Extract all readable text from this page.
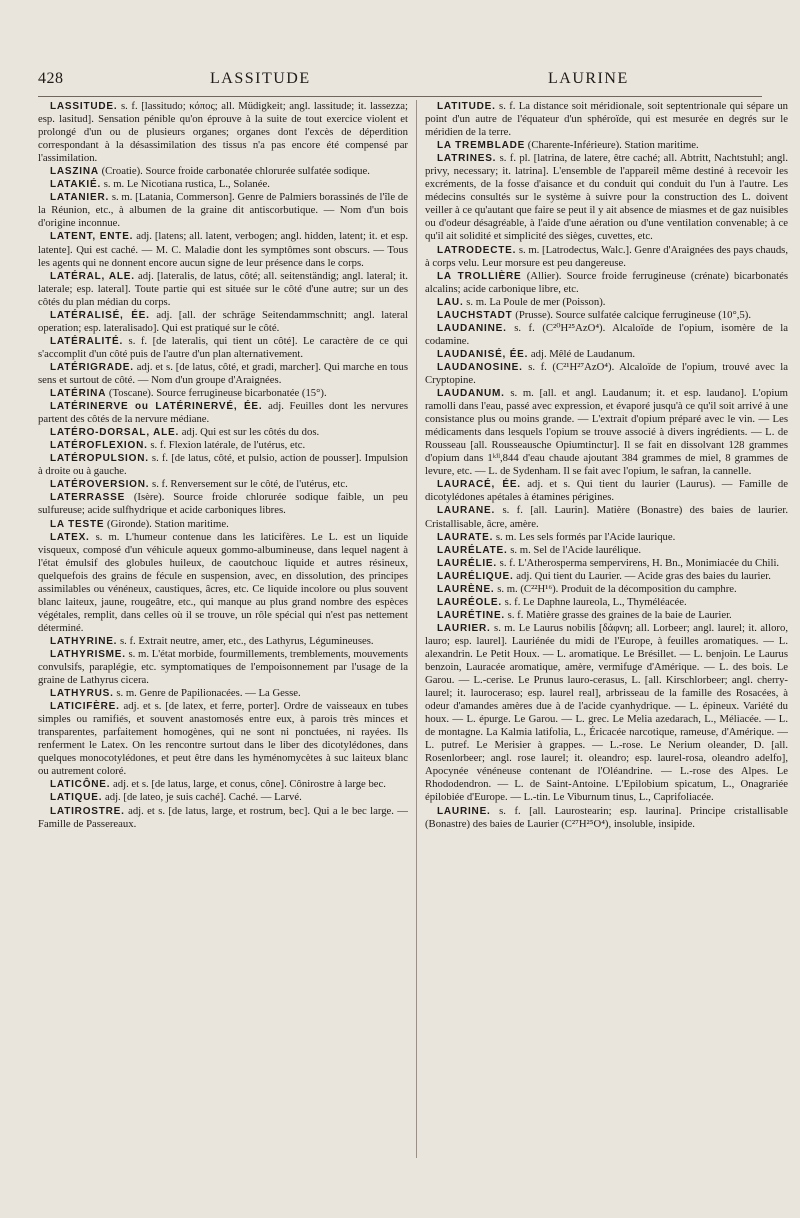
428	LASSITUDE	LAURINE

LASSITUDE. s. f. [lassitudo; κόπος; all. Müdigkeit; angl. lassitude; it. lassezza; esp. lasitud]. Sensation pénible qu'on éprouve à la suite de tout exercice violent et prolongé d'un ou de plusieurs organes; organes dont l'excès de déperdition correspondant à la désassimilation des tissus n'a pas encore été compensé par l'assimilation.

LASZINA (Croatie). Source froide carbonatée chlorurée sulfatée sodique.

LATAKIÉ. s. m. Le Nicotiana rustica, L., Solanée.

LATANIER. s. m. [Latania, Commerson]. Genre de Palmiers borassinés de l'île de la Réunion, etc., à albumen de la graine dit antiscorbutique. — Nom d'un bois d'origine inconnue.

LATENT, ENTE. adj. [latens; all. latent, verbogen; angl. hidden, latent; it. et esp. latente]. Qui est caché. — M. C. Maladie dont les symptômes sont obscurs. — Tous les agents qui ne donnent encore aucun signe de leur présence dans le corps.

LATÉRAL, ALE. adj. [lateralis, de latus, côté; all. seitenständig; angl. lateral; it. laterale; esp. lateral]. Toute partie qui est située sur le côté d'une autre; sur un des côtés du plan médian du corps.

LATÉRALISÉ, ÉE. adj. [all. der schräge Seitendammschnitt; angl. lateral operation; esp. lateralisado]. Qui est pratiqué sur le côté.

LATÉRALITÉ. s. f. [de lateralis, qui tient un côté]. Le caractère de ce qui s'accomplit d'un côté puis de l'autre d'un plan alternativement.

LATÉRIGRADE. adj. et s. [de latus, côté, et gradi, marcher]. Qui marche en tous sens et surtout de côté. — Nom d'un groupe d'Araignées.

LATÉRINA (Toscane). Source ferrugineuse bicarbonatée (15°).

LATÉRINERVE ou LATÉRINERVÉ, ÉE. adj. Feuilles dont les nervures partent des côtés de la nervure médiane.

LATÉRO-DORSAL, ALE. adj. Qui est sur les côtés du dos.

LATÉROFLEXION. s. f. Flexion latérale, de l'utérus, etc.

LATÉROPULSION. s. f. [de latus, côté, et pulsio, action de pousser]. Impulsion à droite ou à gauche.

LATÉROVERSION. s. f. Renversement sur le côté, de l'utérus, etc.

LATERRASSE (Isère). Source froide chlorurée sodique faible, un peu sulfureuse; acide sulfhydrique et acide carboniques libres.

LA TESTE (Gironde). Station maritime.

LATEX. s. m. L'humeur contenue dans les laticifères. Le L. est un liquide visqueux, composé d'un véhicule aqueux gommo-albumineuse, dans lequel nagent à l'état émulsif des globules huileux, de caoutchouc liquide et autres résineux, quelquefois des grains de fécule en suspension, avec, en dissolution, des principes assimilables ou vénéneux, caustiques, âcres, etc. Ce liquide incolore ou plus souvent blanc laiteux, jaune, rougeâtre, etc., qui manque au plus grand nombre des espèces végétales, remplit, dans celles où il se trouve, un rôle spécial qui n'est pas nettement déterminé.

LATHYRINE. s. f. Extrait neutre, amer, etc., des Lathyrus, Légumineuses.

LATHYRISME. s. m. L'état morbide, fourmillements, tremblements, mouvements convulsifs, paraplégie, etc. symptomatiques de l'empoisonnement par l'usage de la graine de Lathyrus cicera.

LATHYRUS. s. m. Genre de Papilionacées. — La Gesse.

LATICIFÈRE. adj. et s. [de latex, et ferre, porter]. Ordre de vaisseaux en tubes simples ou ramifiés, et souvent anastomosés entre eux, à parois très minces et transparentes, parfaitement homogènes, qui ne sont ni ponctuées, ni rayées. Ils renferment le Latex. On les rencontre surtout dans le liber des dicotylédones, dans quelques monocotylédones, et peut être dans les hyménomycètes à suc laiteux blanc ou autrement coloré.

LATICÔNE. adj. et s. [de latus, large, et conus, cône]. Cônirostre à large bec.

LATIQUE. adj. [de lateo, je suis caché]. Caché. — Larvé.

LATIROSTRE. adj. et s. [de latus, large, et rostrum, bec]. Qui a le bec large. — Famille de Passereaux.

LATITUDE. s. f. La distance soit méridionale, soit septentrionale qui sépare un point d'un autre de l'équateur d'un sphéroïde, qui est mesurée en degrés sur le méridien de la terre.

LA TREMBLADE (Charente-Inférieure). Station maritime.

LATRINES. s. f. pl. [latrina, de latere, être caché; all. Abtritt, Nachtstuhl; angl. privy, necessary; it. latrina]. L'ensemble de l'appareil même destiné à recevoir les excréments, de la fosse d'aisance et du conduit qui conduit du l'un à l'autre. Les médecins consultés sur le système à suivre pour la construction des L. doivent veiller à ce qu'autant que faire se peut il y ait absence de miasmes et de gaz nuisibles ou d'odeur désagréable, à l'aide d'une aération ou d'une ventilation convenable; à ce qu'il ait solidité et simplicité des sièges, cuvettes, etc.

LATRODECTE. s. m. [Latrodectus, Walc.]. Genre d'Araignées des pays chauds, à corps velu. Leur morsure est peu dangereuse.

LA TROLLIÈRE (Allier). Source froide ferrugineuse (crénate) bicarbonatés alcalins; acide carbonique libre, etc.

LAU. s. m. La Poule de mer (Poisson).

LAUCHSTADT (Prusse). Source sulfatée calcique ferrugineuse (10°,5).

LAUDANINE. s. f. (C²⁰H²⁵AzO⁴). Alcaloïde de l'opium, isomère de la codamine.

LAUDANISÉ, ÉE. adj. Mêlé de Laudanum.

LAUDANOSINE. s. f. (C²¹H²⁷AzO⁴). Alcaloïde de l'opium, trouvé avec la Cryptopine.

LAUDANUM. s. m. [all. et angl. Laudanum; it. et esp. laudano]. L'opium ramolli dans l'eau, passé avec expression, et évaporé jusqu'à ce qu'il soit arrivé à une consistance plus ou moins grande. — L'extrait d'opium préparé avec le vin. — Les médicaments dans lesquels l'opium se trouve associé à divers ingrédients. — L. de Rousseau [all. Rousseausche Opiumtinctur]. Il se fait en dissolvant 128 grammes d'opium dans 1ᵏⁱˡ,844 d'eau chaude ajoutant 384 grammes de miel, 8 grammes de levure, etc. — L. de Sydenham. Il se fait avec l'opium, le safran, la cannelle.

LAURACÉ, ÉE. adj. et s. Qui tient du laurier (Laurus). — Famille de dicotylédones apétales à étamines périgines.

LAURANE. s. f. [all. Laurin]. Matière (Bonastre) des baies de laurier. Cristallisable, âcre, amère.

LAURATE. s. m. Les sels formés par l'Acide laurique.

LAURÉLATE. s. m. Sel de l'Acide laurélique.

LAURÉLIE. s. f. L'Atherosperma sempervirens, H. Bn., Monimiacée du Chili.

LAURÉLIQUE. adj. Qui tient du Laurier. — Acide gras des baies du laurier.

LAURÈNE. s. m. (C²²H¹⁶). Produit de la décomposition du camphre.

LAURÉOLE. s. f. Le Daphne laureola, L., Thyméléacée.

LAURÉTINE. s. f. Matière grasse des graines de la baie de Laurier.

LAURIER. s. m. Le Laurus nobilis [δάφνη; all. Lorbeer; angl. laurel; it. alloro, lauro; esp. laurel]. Lauriénée du midi de l'Europe, à feuilles aromatiques. — L. alexandrin. Le Petit Houx. — L. aromatique. Le Brésillet. — L. benjoin. Le Laurus benzoin, Lauracée aromatique, amère, vermifuge d'Amérique. — L. des bois. Le Garou. — L.-cerise. Le Prunus lauro-cerasus, L. [all. Kirschlorbeer; angl. cherry-laurel; it. lauroceraso; esp. laurel real], arbrisseau de la famille des Rosacées, à odeur d'amandes amères due à de l'acide cyanhydrique. — L. épineux. Variété du houx. — L. épurge. Le Garou. — L. grec. Le Melia azedarach, L., Méliacée. — L. de montagne. La Kalmia latifolia, L., Éricacée narcotique, rameuse, d'Amérique. — L. putref. Le Merisier à grappes. — L.-rose. Le Nerium oleander, D. [all. Rosenlorbeer; angl. rose laurel; it. oleandro; esp. laurel-rosa, oleandro adelfo], Apocynée vénéneuse contenant de l'Oléandrine. — L.-rose des Alpes. Le Rhododendron. — L. de Saint-Antoine. L'Epilobium spicatum, L., Onagrariée épilobiée d'Europe. — L.-tin. Le Viburnum tinus, L., Caprifoliacée.

LAURINE. s. f. [all. Laurostearin; esp. laurina]. Principe cristallisable (Bonastre) des baies de Laurier (C²⁷H²⁵O⁴), insoluble, insipide.
